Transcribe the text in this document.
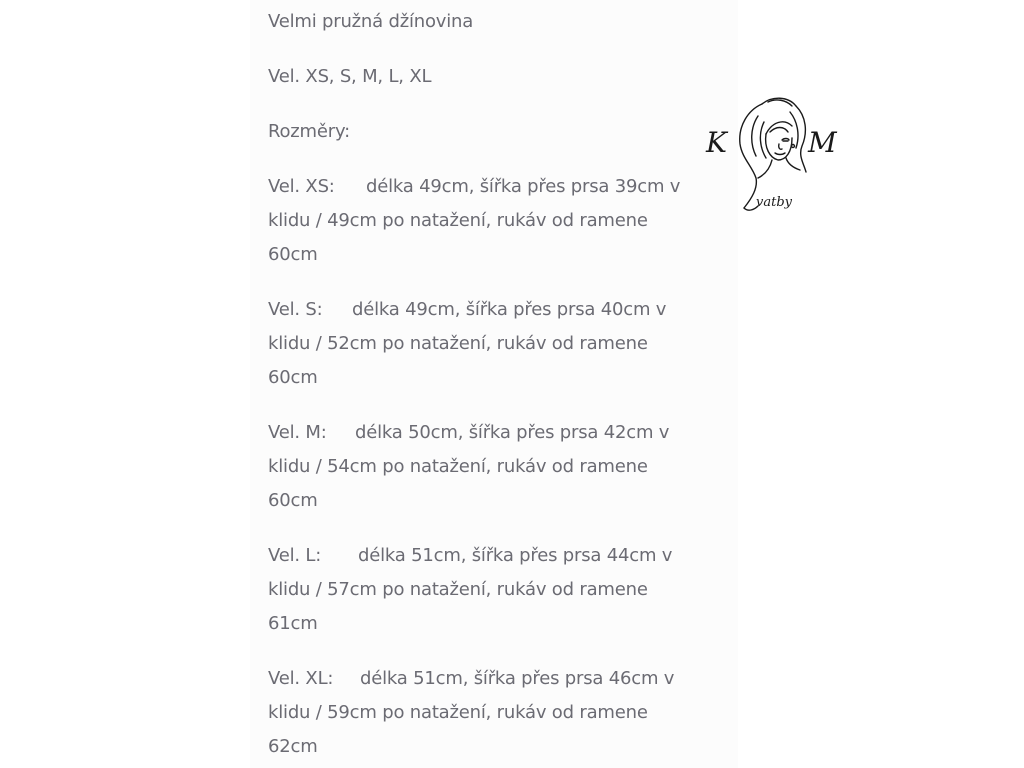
Velmi pružná džínovina
Vel. XS, S, M, L, XL
Rozměry:
Vel. XS: délka 49cm, šířka přes prsa 39cm v
klidu / 49cm po natažení, rukáv od ramene
60cm
Vel. S: délka 49cm, šířka přes prsa 40cm v
klidu / 52cm po natažení, rukáv od ramene
60cm
Vel. M: délka 50cm, šířka přes prsa 42cm v
klidu / 54cm po natažení, rukáv od ramene
60cm
Vel. L: délka 51cm, šířka přes prsa 44cm v
klidu / 57cm po natažení, rukáv od ramene
61cm
Vel. XL: délka 51cm, šířka přes prsa 46cm v
klidu / 59cm po natažení, rukáv od ramene
62cm
K	M
vatby
